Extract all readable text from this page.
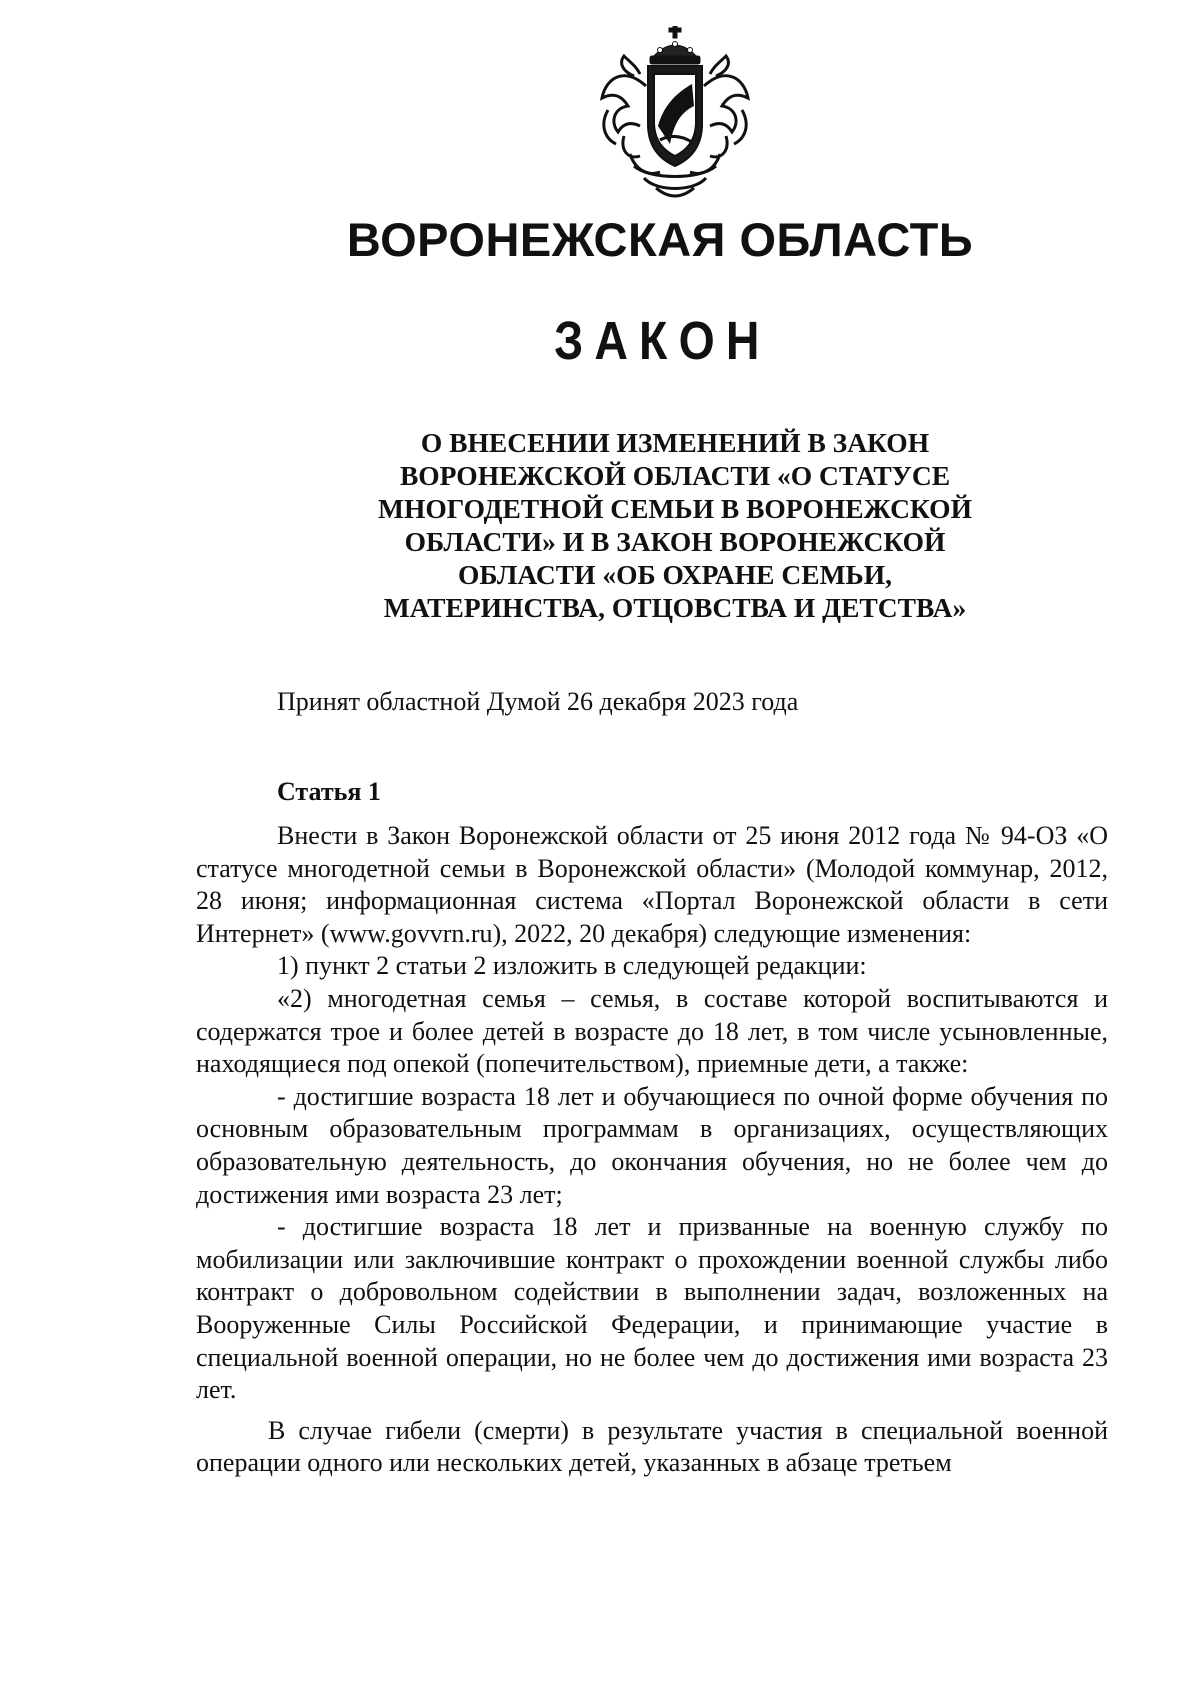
ВОРОНЕЖСКАЯ ОБЛАСТЬ
ЗАКОН
О ВНЕСЕНИИ ИЗМЕНЕНИЙ В ЗАКОН
ВОРОНЕЖСКОЙ ОБЛАСТИ «О СТАТУСЕ
МНОГОДЕТНОЙ СЕМЬИ В ВОРОНЕЖСКОЙ
ОБЛАСТИ» И В ЗАКОН ВОРОНЕЖСКОЙ
ОБЛАСТИ «ОБ ОХРАНЕ СЕМЬИ,
МАТЕРИНСТВА, ОТЦОВСТВА И ДЕТСТВА»
Принят областной Думой 26 декабря 2023 года
Статья 1

Внести в Закон Воронежской области от 25 июня 2012 года № 94-ОЗ «О статусе многодетной семьи в Воронежской области» (Молодой коммунар, 2012, 28 июня; информационная система «Портал Воронежской области в сети Интернет» (www.govvrn.ru), 2022, 20 декабря) следующие изменения:

1) пункт 2 статьи 2 изложить в следующей редакции:

«2) многодетная семья – семья, в составе которой воспитываются и содержатся трое и более детей в возрасте до 18 лет, в том числе усыновленные, находящиеся под опекой (попечительством), приемные дети, а также:

- достигшие возраста 18 лет и обучающиеся по очной форме обучения по основным образовательным программам в организациях, осуществляющих образовательную деятельность, до окончания обучения, но не более чем до достижения ими возраста 23 лет;

- достигшие возраста 18 лет и призванные на военную службу по мобилизации или заключившие контракт о прохождении военной службы либо контракт о добровольном содействии в выполнении задач, возложенных на Вооруженные Силы Российской Федерации, и принимающие участие в специальной военной операции, но не более чем до достижения ими возраста 23 лет.

В случае гибели (смерти) в результате участия в специальной военной операции одного или нескольких детей, указанных в абзаце третьем
